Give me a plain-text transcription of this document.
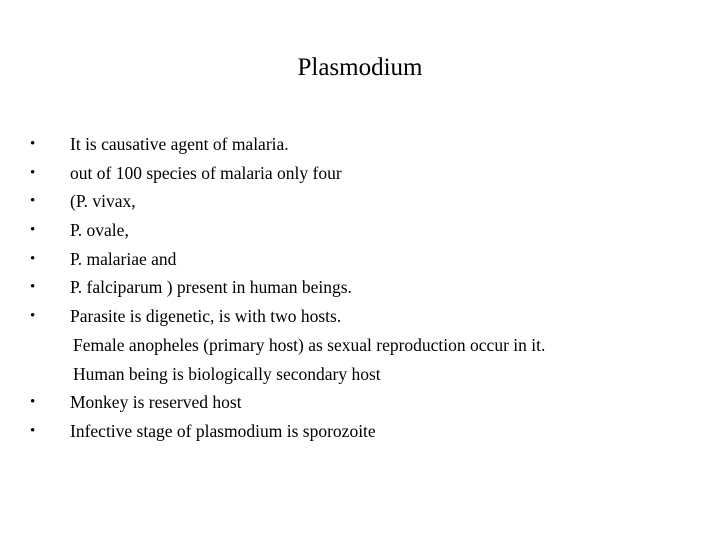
Plasmodium
•	It is causative agent of malaria.
•	out of 100 species of malaria only four
•	(P. vivax,
•	P. ovale,
•	P. malariae and
•	P. falciparum ) present in human beings.
•	Parasite is digenetic, is with two hosts.
Female anopheles (primary host) as sexual reproduction occur in it.
Human being is biologically secondary host
•	Monkey is reserved host
•	Infective stage of plasmodium is sporozoite
